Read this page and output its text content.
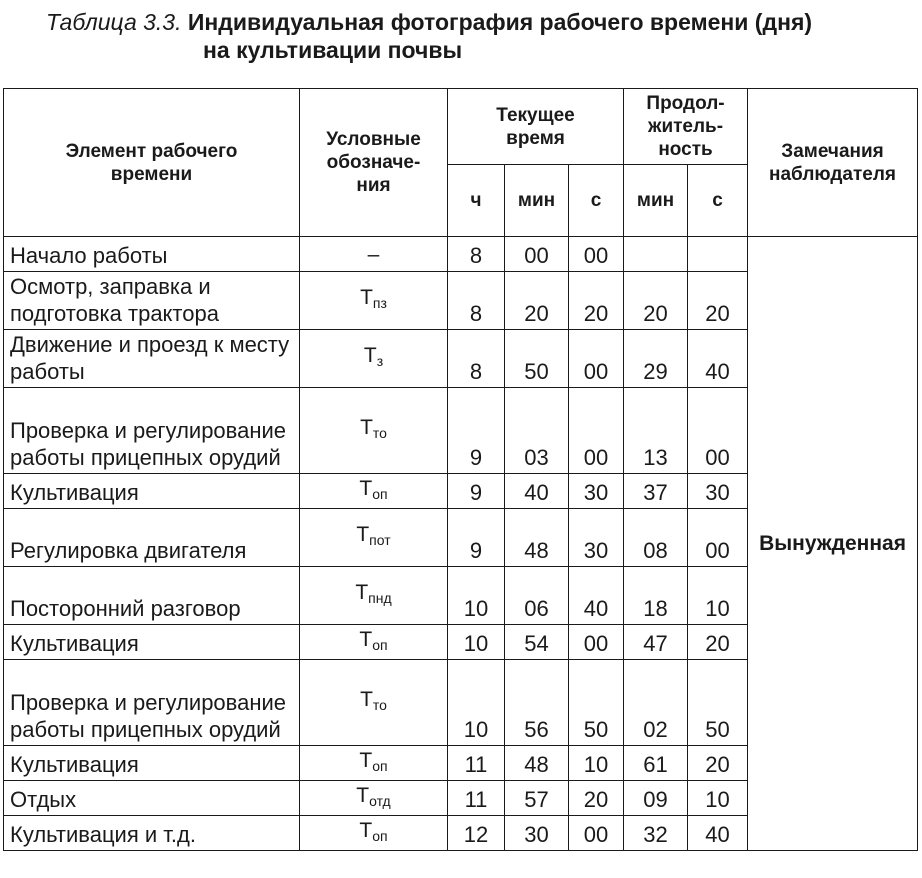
Таблица 3.3. Индивидуальная фотография рабочего времени (дня)
на культивации почвы
Элемент рабочего времени	Условные обозначе-ния	Текущее время			Продол-житель-ность		Замечания наблюдателя

		ч	мин	с	мин	с	
Начало работы	–	8	00	00			Вынужденная
Осмотр, заправка и подготовка трактора	$Т_{пз}$	8	20	20	20	20	
Движение и проезд к месту работы	$Т_з$	8	50	00	29	40	
Проверка и регулирование работы прицепных орудий	$Т_{то}$	9	03	00	13	00	
Культивация	$Т_{оп}$	9	40	30	37	30	
Регулировка двигателя	$Т_{пот}$	9	48	30	08	00	
Посторонний разговор	$Т_{пнд}$	10	06	40	18	10	
Культивация	$Т_{оп}$	10	54	00	47	20	
Проверка и регулирование работы прицепных орудий	$Т_{то}$	10	56	50	02	50	
Культивация	$Т_{оп}$	11	48	10	61	20	
Отдых	$Т_{отд}$	11	57	20	09	10	
Культивация и т.д.	$Т_{оп}$	12	30	00	32	40	
